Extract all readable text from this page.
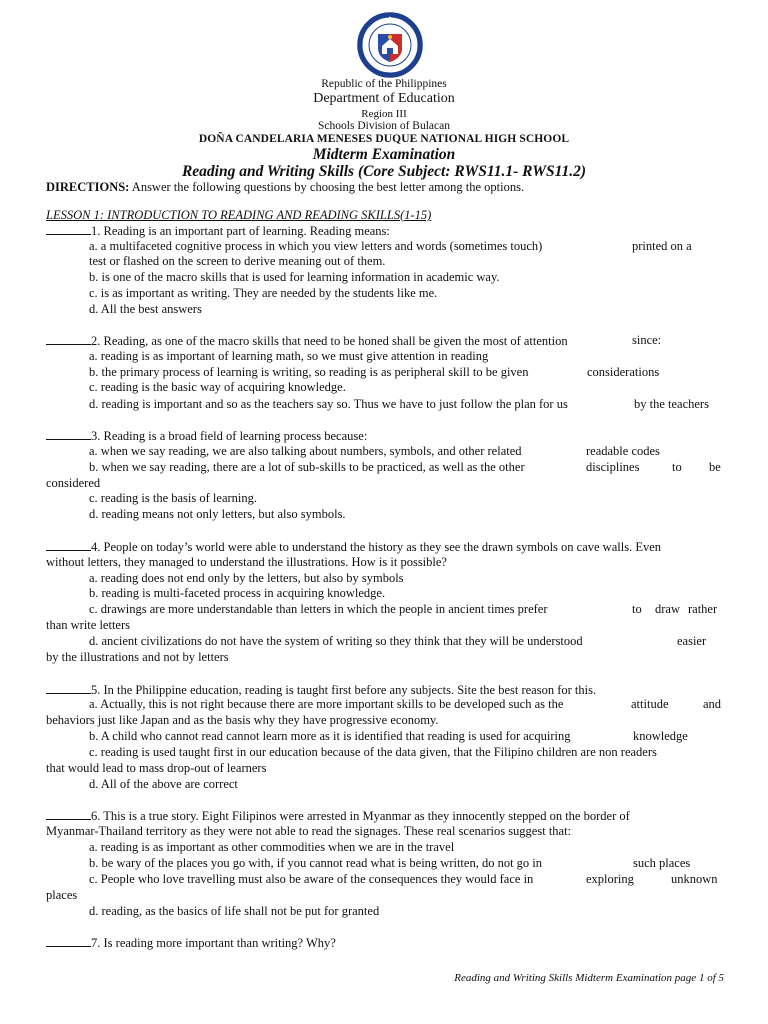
Republic of the Philippines
Department of Education
Region III
Schools Division of Bulacan
DOÑA CANDELARIA MENESES DUQUE NATIONAL HIGH SCHOOL
Midterm Examination
Reading and Writing Skills (Core Subject: RWS11.1- RWS11.2)
DIRECTIONS: Answer the following questions by choosing the best letter among the options.
LESSON 1: INTRODUCTION TO READING AND READING SKILLS(1-15)
1. Reading is an important part of learning. Reading means:
a. a multifaceted cognitive process in which you view letters and words (sometimes touch)	printed on a
test or flashed on the screen to derive meaning out of them.
b. is one of the macro skills that is used for learning information in academic way.
c. is as important as writing. They are needed by the students like me.
d. All the best answers
2. Reading, as one of the macro skills that need to be honed shall be given the most of attention	since:
a. reading is as important of learning math, so we must give attention in reading
b. the primary process of learning is writing, so reading is as peripheral skill to be given	considerations
c. reading is the basic way of acquiring knowledge.
d. reading is important and so as the teachers say so. Thus we have to just follow the plan for us	by the teachers
3. Reading is a broad field of learning process because:
a. when we say reading, we are also talking about numbers, symbols, and other related	readable codes
b. when we say reading, there are a lot of sub-skills to be practiced, as well as the other	disciplines	to be
considered
c. reading is the basis of learning.
d. reading means not only letters, but also symbols.
4. People on today’s world were able to understand the history as they see the drawn symbols on cave walls. Even
without letters, they managed to understand the illustrations. How is it possible?
a. reading does not end only by the letters, but also by symbols
b. reading is multi-faceted process in acquiring knowledge.
c. drawings are more understandable than letters in which the people in ancient times prefer	to draw rather
than write letters
d. ancient civilizations do not have the system of writing so they think that they will be understood	easier
by the illustrations and not by letters
5. In the Philippine education, reading is taught first before any subjects. Site the best reason for this.
a. Actually, this is not right because there are more important skills to be developed such as the	attitude	and
behaviors just like Japan and as the basis why they have progressive economy.
b. A child who cannot read cannot learn more as it is identified that reading is used for acquiring	knowledge
c. reading is used taught first in our education because of the data given, that the Filipino children are non readers
that would lead to mass drop-out of learners
d. All of the above are correct
6. This is a true story. Eight Filipinos were arrested in Myanmar as they innocently stepped on the border of
Myanmar-Thailand territory as they were not able to read the signages. These real scenarios suggest that:
a. reading is as important as other commodities when we are in the travel
b. be wary of the places you go with, if you cannot read what is being written, do not go in	such places
c. People who love travelling must also be aware of the consequences they would face in	exploring	unknown
places
d. reading, as the basics of life shall not be put for granted
7. Is reading more important than writing? Why?
Reading and Writing Skills Midterm Examination page 1 of 5
